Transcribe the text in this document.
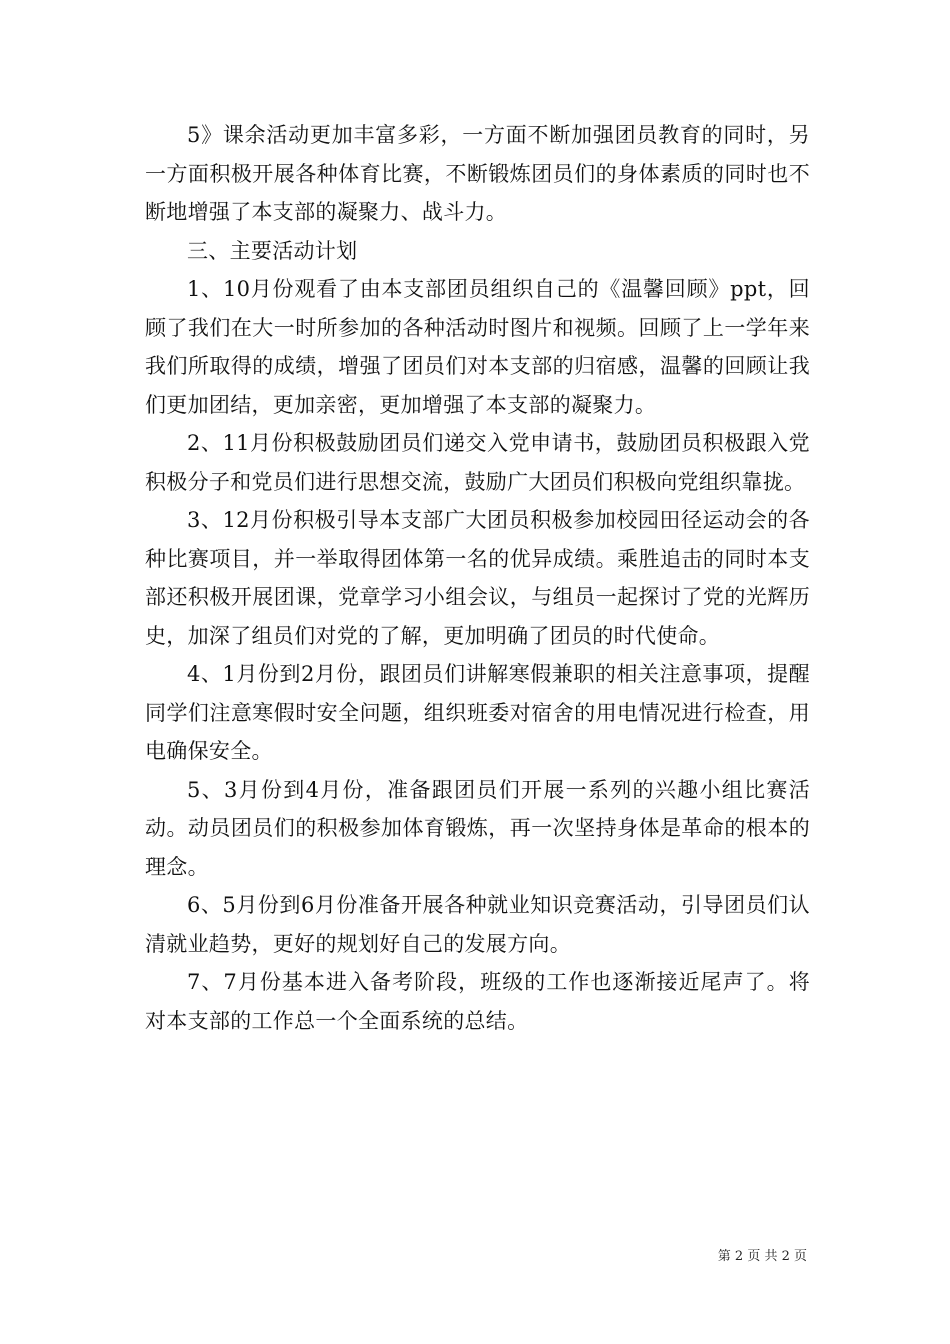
5》课余活动更加丰富多彩，一方面不断加强团员教育的同时，另一方面积极开展各种体育比赛，不断锻炼团员们的身体素质的同时也不断地增强了本支部的凝聚力、战斗力。

三、主要活动计划

1、10月份观看了由本支部团员组织自己的《温馨回顾》ppt，回顾了我们在大一时所参加的各种活动时图片和视频。回顾了上一学年来我们所取得的成绩，增强了团员们对本支部的归宿感，温馨的回顾让我们更加团结，更加亲密，更加增强了本支部的凝聚力。

2、11月份积极鼓励团员们递交入党申请书，鼓励团员积极跟入党积极分子和党员们进行思想交流，鼓励广大团员们积极向党组织靠拢。

3、12月份积极引导本支部广大团员积极参加校园田径运动会的各种比赛项目，并一举取得团体第一名的优异成绩。乘胜追击的同时本支部还积极开展团课，党章学习小组会议，与组员一起探讨了党的光辉历史，加深了组员们对党的了解，更加明确了团员的时代使命。

4、1月份到2月份，跟团员们讲解寒假兼职的相关注意事项，提醒同学们注意寒假时安全问题，组织班委对宿舍的用电情况进行检查，用电确保安全。

5、3月份到4月份，准备跟团员们开展一系列的兴趣小组比赛活动。动员团员们的积极参加体育锻炼，再一次坚持身体是革命的根本的理念。

6、5月份到6月份准备开展各种就业知识竞赛活动，引导团员们认清就业趋势，更好的规划好自己的发展方向。

7、7月份基本进入备考阶段，班级的工作也逐渐接近尾声了。将对本支部的工作总一个全面系统的总结。

第 2 页 共 2 页
